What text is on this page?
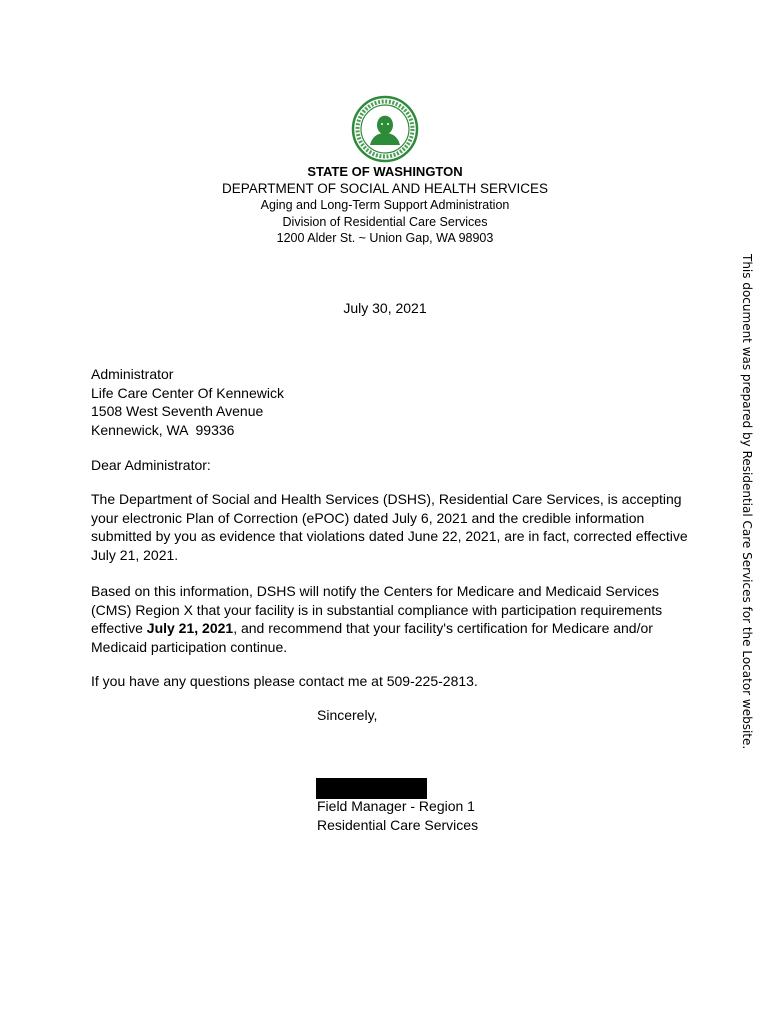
STATE OF WASHINGTON
DEPARTMENT OF SOCIAL AND HEALTH SERVICES
Aging and Long-Term Support Administration
Division of Residential Care Services
1200 Alder St. ~ Union Gap, WA 98903
July 30, 2021
Administrator
Life Care Center Of Kennewick
1508 West Seventh Avenue
Kennewick, WA  99336
Dear Administrator:
The Department of Social and Health Services (DSHS), Residential Care Services, is accepting your electronic Plan of Correction (ePOC) dated July 6, 2021 and the credible information submitted by you as evidence that violations dated June 22, 2021, are in fact, corrected effective July 21, 2021.
Based on this information, DSHS will notify the Centers for Medicare and Medicaid Services (CMS) Region X that your facility is in substantial compliance with participation requirements effective July 21, 2021, and recommend that your facility's certification for Medicare and/or Medicaid participation continue.
If you have any questions please contact me at 509-225-2813.
Sincerely,
Field Manager - Region 1
Residential Care Services
This document was prepared by Residential Care Services for the Locator website.
